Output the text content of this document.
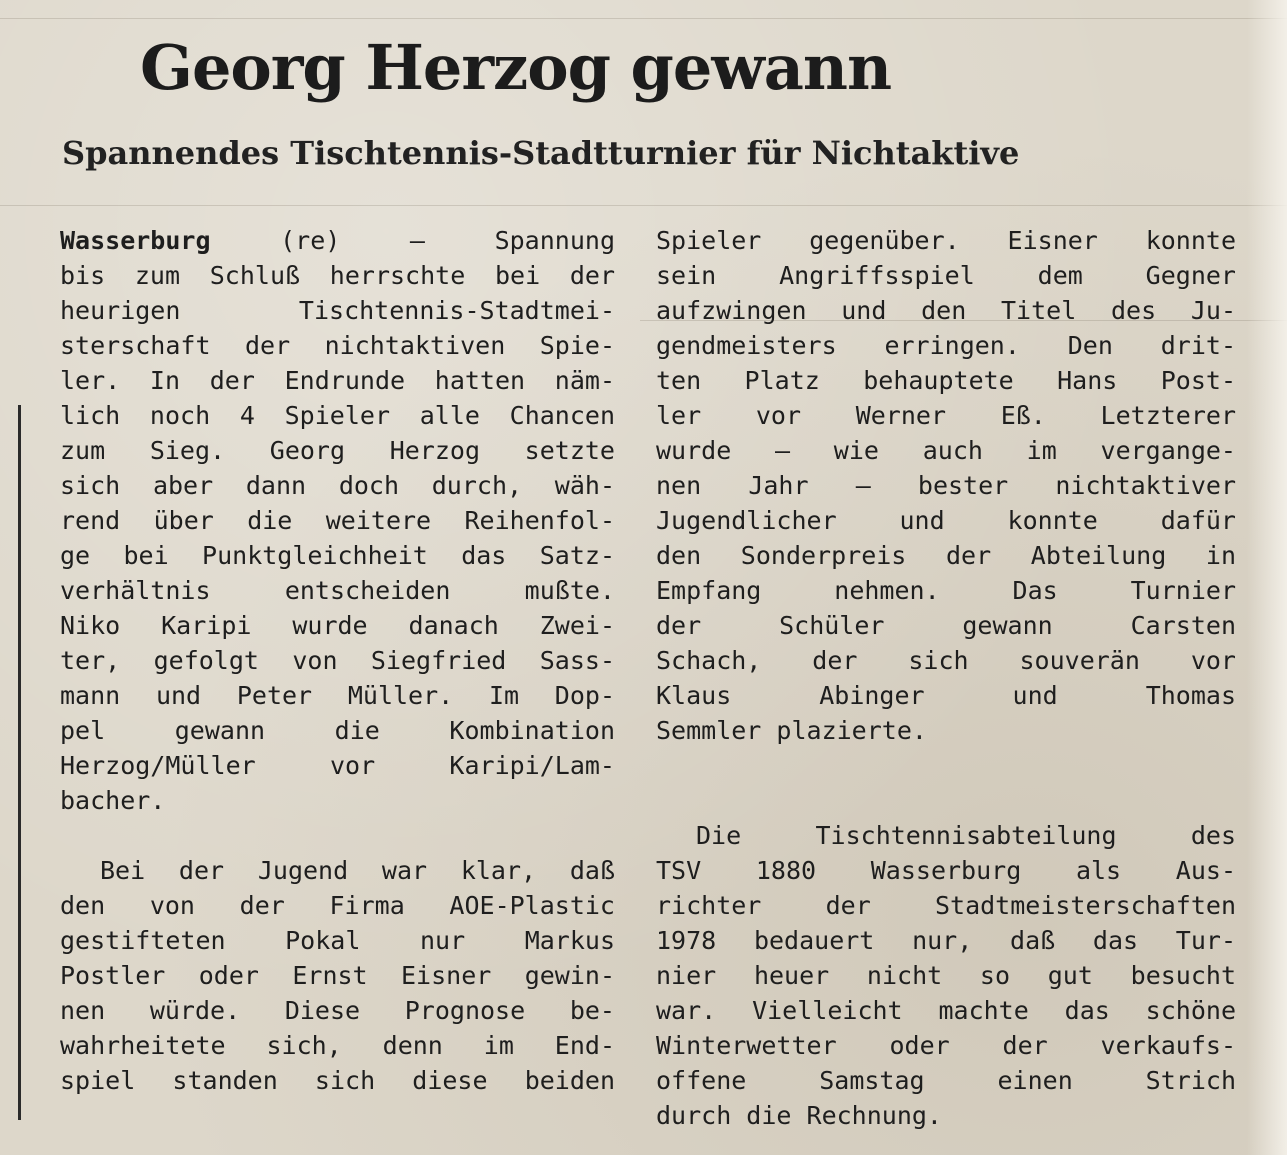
Georg Herzog gewann
Spannendes Tischtennis-Stadtturnier für Nichtaktive
Wasserburg (re) — Spannung
bis zum Schluß herrschte bei der
heurigen Tischtennis-Stadtmei-
sterschaft der nichtaktiven Spie-
ler. In der Endrunde hatten näm-
lich noch 4 Spieler alle Chancen
zum Sieg. Georg Herzog setzte
sich aber dann doch durch, wäh-
rend über die weitere Reihenfol-
ge bei Punktgleichheit das Satz-
verhältnis entscheiden mußte.
Niko Karipi wurde danach Zwei-
ter, gefolgt von Siegfried Sass-
mann und Peter Müller. Im Dop-
pel gewann die Kombination
Herzog/Müller vor Karipi/Lam-
bacher.
Bei der Jugend war klar, daß
den von der Firma AOE-Plastic
gestifteten Pokal nur Markus
Postler oder Ernst Eisner gewin-
nen würde. Diese Prognose be-
wahrheitete sich, denn im End-
spiel standen sich diese beiden
Spieler gegenüber. Eisner konnte
sein Angriffsspiel dem Gegner
aufzwingen und den Titel des Ju-
gendmeisters erringen. Den drit-
ten Platz behauptete Hans Post-
ler vor Werner Eß. Letzterer
wurde — wie auch im vergange-
nen Jahr — bester nichtaktiver
Jugendlicher und konnte dafür
den Sonderpreis der Abteilung in
Empfang nehmen. Das Turnier
der Schüler gewann Carsten
Schach, der sich souverän vor
Klaus Abinger und Thomas
Semmler plazierte.
Die Tischtennisabteilung des
TSV 1880 Wasserburg als Aus-
richter der Stadtmeisterschaften
1978 bedauert nur, daß das Tur-
nier heuer nicht so gut besucht
war. Vielleicht machte das schöne
Winterwetter oder der verkaufs-
offene Samstag einen Strich
durch die Rechnung.
